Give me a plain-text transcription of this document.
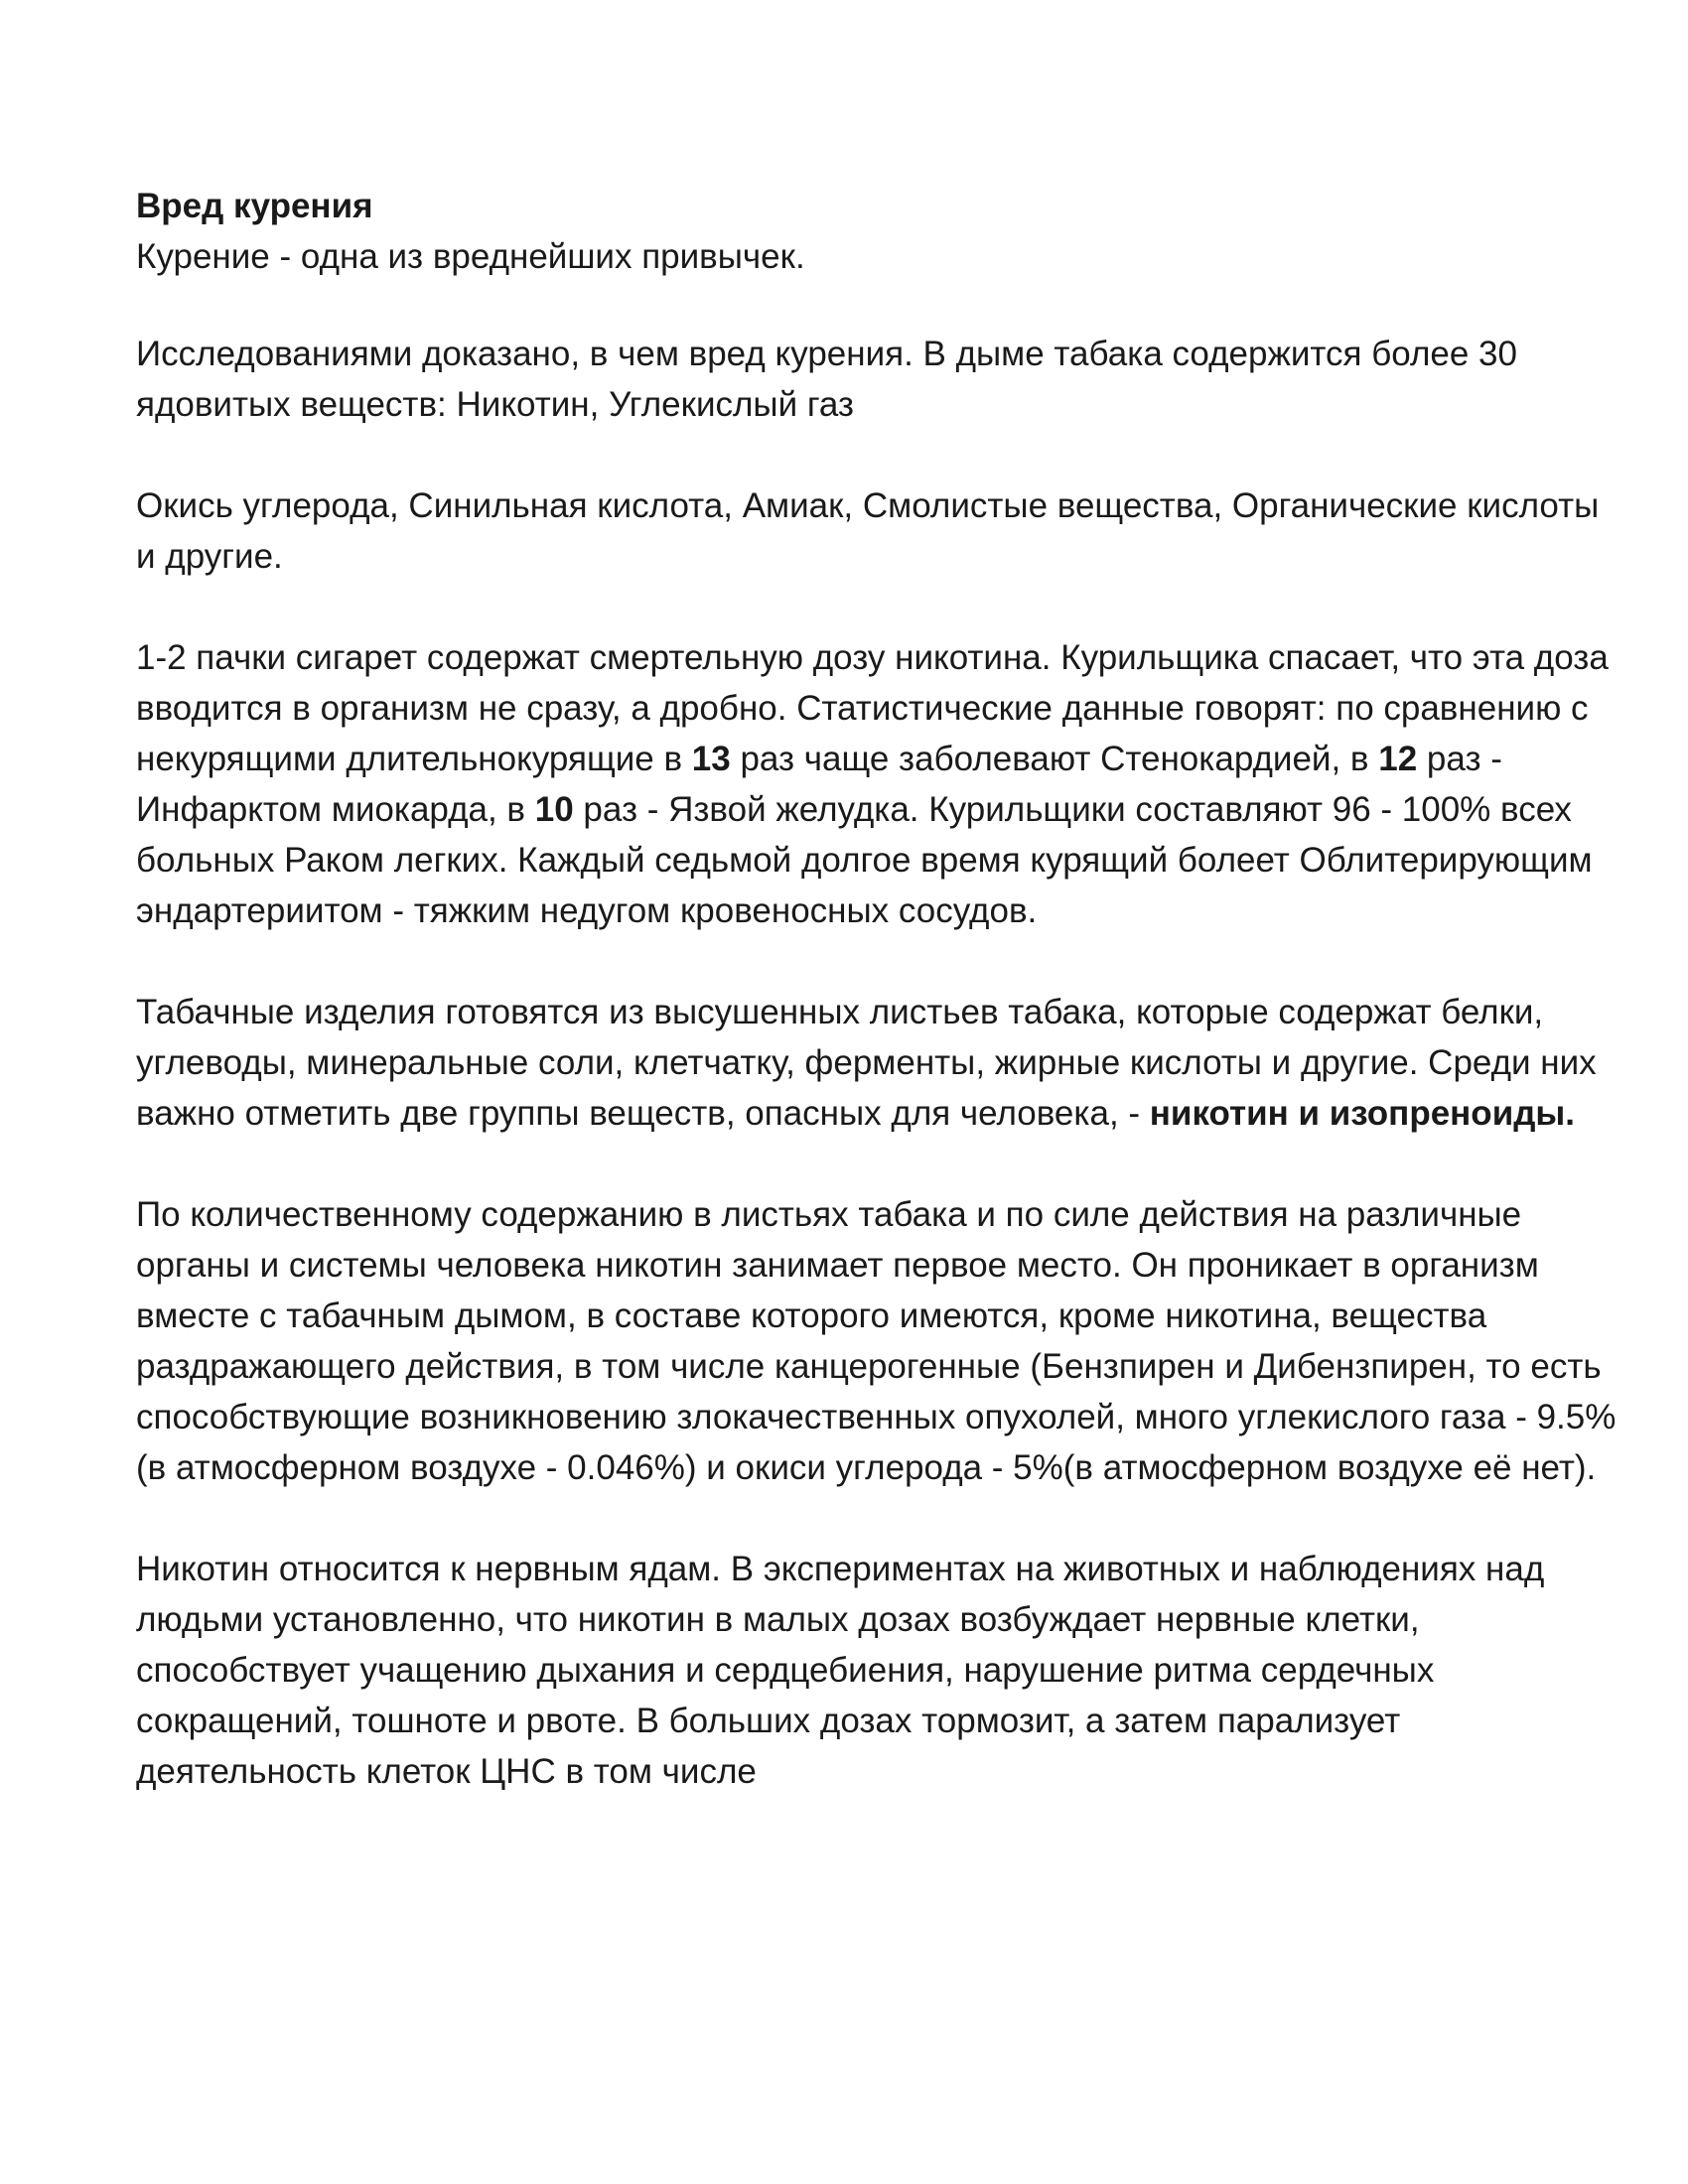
Вред курения

Курение - одна из вреднейших привычек.

Исследованиями доказано, в чем вред курения. В дыме табака содержится более 30 ядовитых веществ: Никотин, Углекислый газ

Окись углерода, Синильная кислота, Амиак, Смолистые вещества, Органические кислоты и другие.

1-2 пачки сигарет содержат смертельную дозу никотина. Курильщика спасает, что эта доза вводится в организм не сразу, а дробно. Статистические данные говорят: по сравнению с некурящими длительнокурящие в 13 раз чаще заболевают Стенокардией, в 12 раз - Инфарктом миокарда, в 10 раз - Язвой желудка. Курильщики составляют 96 - 100% всех больных Раком легких. Каждый седьмой долгое время курящий болеет Облитерирующим эндартериитом - тяжким недугом кровеносных сосудов.

Табачные изделия готовятся из высушенных листьев табака, которые содержат белки, углеводы, минеральные соли, клетчатку, ферменты, жирные кислоты и другие. Среди них важно отметить две группы веществ, опасных для человека, - никотин и изопреноиды.

По количественному содержанию в листьях табака и по силе действия на различные органы и системы человека никотин занимает первое место. Он проникает в организм вместе с табачным дымом, в составе которого имеются, кроме никотина, вещества раздражающего действия, в том числе канцерогенные (Бензпирен и Дибензпирен, то есть способствующие возникновению злокачественных опухолей, много углекислого газа - 9.5%(в атмосферном воздухе - 0.046%) и окиси углерода - 5%(в атмосферном воздухе её нет).

Никотин относится к нервным ядам. В экспериментах на животных и наблюдениях над людьми установленно, что никотин в малых дозах возбуждает нервные клетки, способствует учащению дыхания и сердцебиения, нарушение ритма сердечных сокращений, тошноте и рвоте. В больших дозах тормозит, а затем парализует деятельность клеток ЦНС в том числе
